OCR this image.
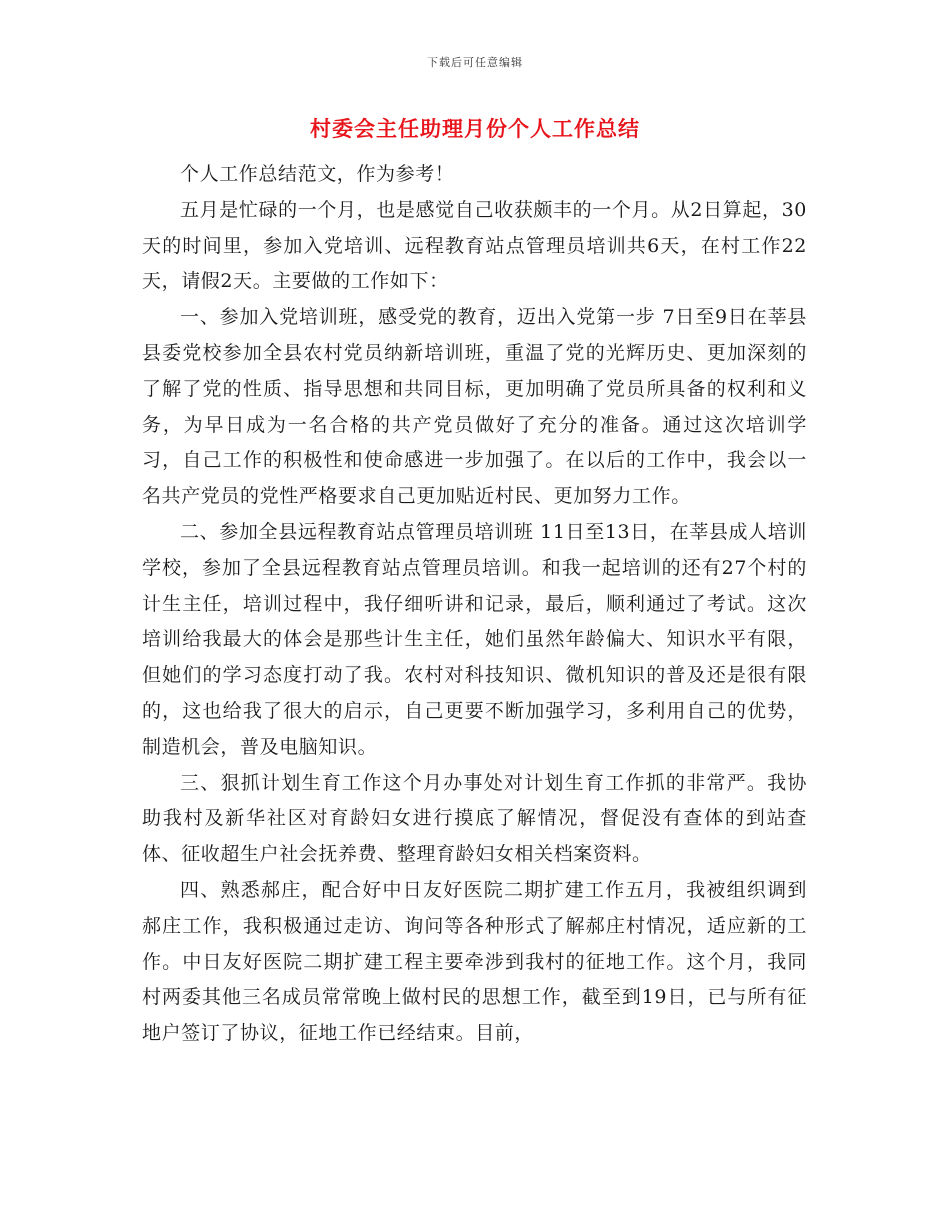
下载后可任意编辑
村委会主任助理月份个人工作总结

个人工作总结范文，作为参考！

五月是忙碌的一个月，也是感觉自己收获颇丰的一个月。从2日算起，30天的时间里，参加入党培训、远程教育站点管理员培训共6天，在村工作22天，请假2天。主要做的工作如下：

一、参加入党培训班，感受党的教育，迈出入党第一步 7日至9日在莘县县委党校参加全县农村党员纳新培训班，重温了党的光辉历史、更加深刻的了解了党的性质、指导思想和共同目标，更加明确了党员所具备的权利和义务，为早日成为一名合格的共产党员做好了充分的准备。通过这次培训学习，自己工作的积极性和使命感进一步加强了。在以后的工作中，我会以一名共产党员的党性严格要求自己更加贴近村民、更加努力工作。

二、参加全县远程教育站点管理员培训班 11日至13日，在莘县成人培训学校，参加了全县远程教育站点管理员培训。和我一起培训的还有27个村的计生主任，培训过程中，我仔细听讲和记录，最后，顺利通过了考试。这次培训给我最大的体会是那些计生主任，她们虽然年龄偏大、知识水平有限，但她们的学习态度打动了我。农村对科技知识、微机知识的普及还是很有限的，这也给我了很大的启示，自己更要不断加强学习，多利用自己的优势，制造机会，普及电脑知识。

三、狠抓计划生育工作这个月办事处对计划生育工作抓的非常严。我协助我村及新华社区对育龄妇女进行摸底了解情况，督促没有查体的到站查体、征收超生户社会抚养费、整理育龄妇女相关档案资料。

四、熟悉郝庄，配合好中日友好医院二期扩建工作五月，我被组织调到郝庄工作，我积极通过走访、询问等各种形式了解郝庄村情况，适应新的工作。中日友好医院二期扩建工程主要牵涉到我村的征地工作。这个月，我同村两委其他三名成员常常晚上做村民的思想工作，截至到19日，已与所有征地户签订了协议，征地工作已经结束。目前，
